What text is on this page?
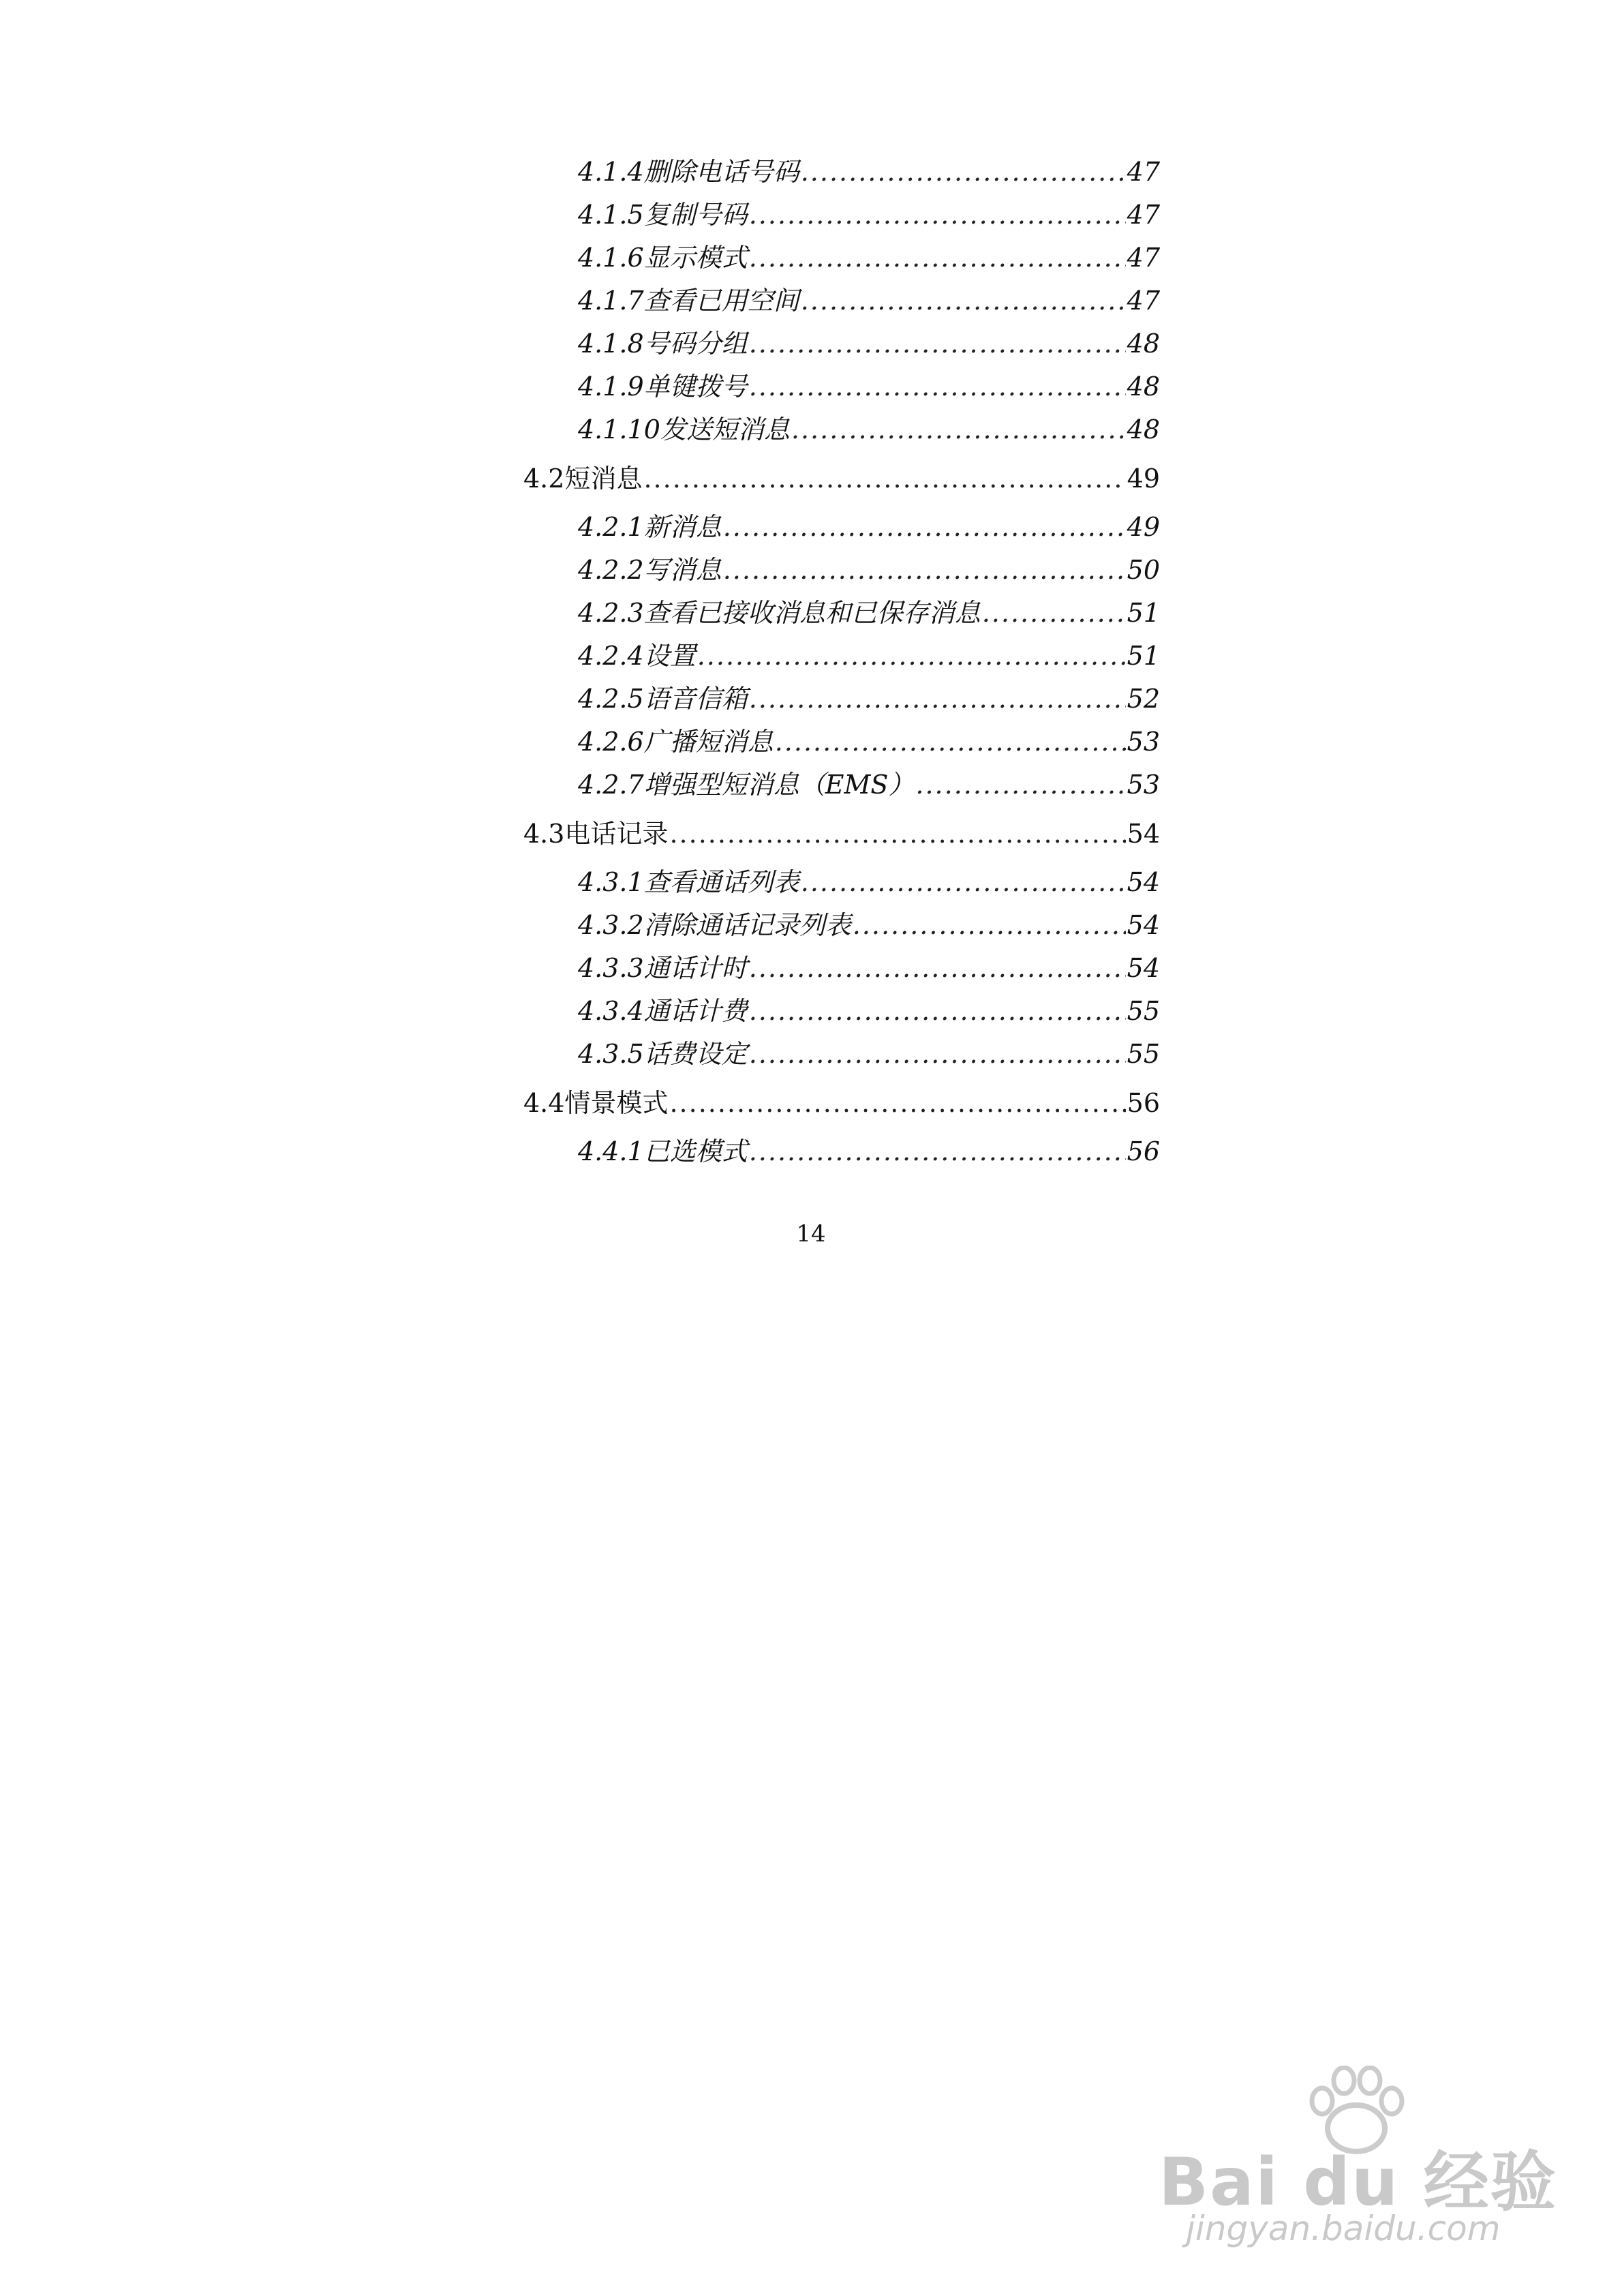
4.1.4 删除电话号码 .....	47
4.1.5 复制号码 .....	47
4.1.6 显示模式 .....	47
4.1.7 查看已用空间 .....	47
4.1.8 号码分组 .....	48
4.1.9 单键拨号 .....	48
4.1.10 发送短消息 .....	48
4.2 短消息 .....	49
4.2.1 新消息 .....	49
4.2.2 写消息 .....	50
4.2.3 查看已接收消息和已保存消息 .....	51
4.2.4 设置 .....	51
4.2.5 语音信箱 .....	52
4.2.6 广播短消息 .....	53
4.2.7 增强型短消息（EMS） .....	53
4.3 电话记录 .....	54
4.3.1 查看通话列表 .....	54
4.3.2 清除通话记录列表 .....	54
4.3.3 通话计时 .....	54
4.3.4 通话计费 .....	55
4.3.5 话费设定 .....	55
4.4 情景模式 .....	56
4.4.1 已选模式 .....	56
14
Bai du 经验
jingyan.baidu.com
